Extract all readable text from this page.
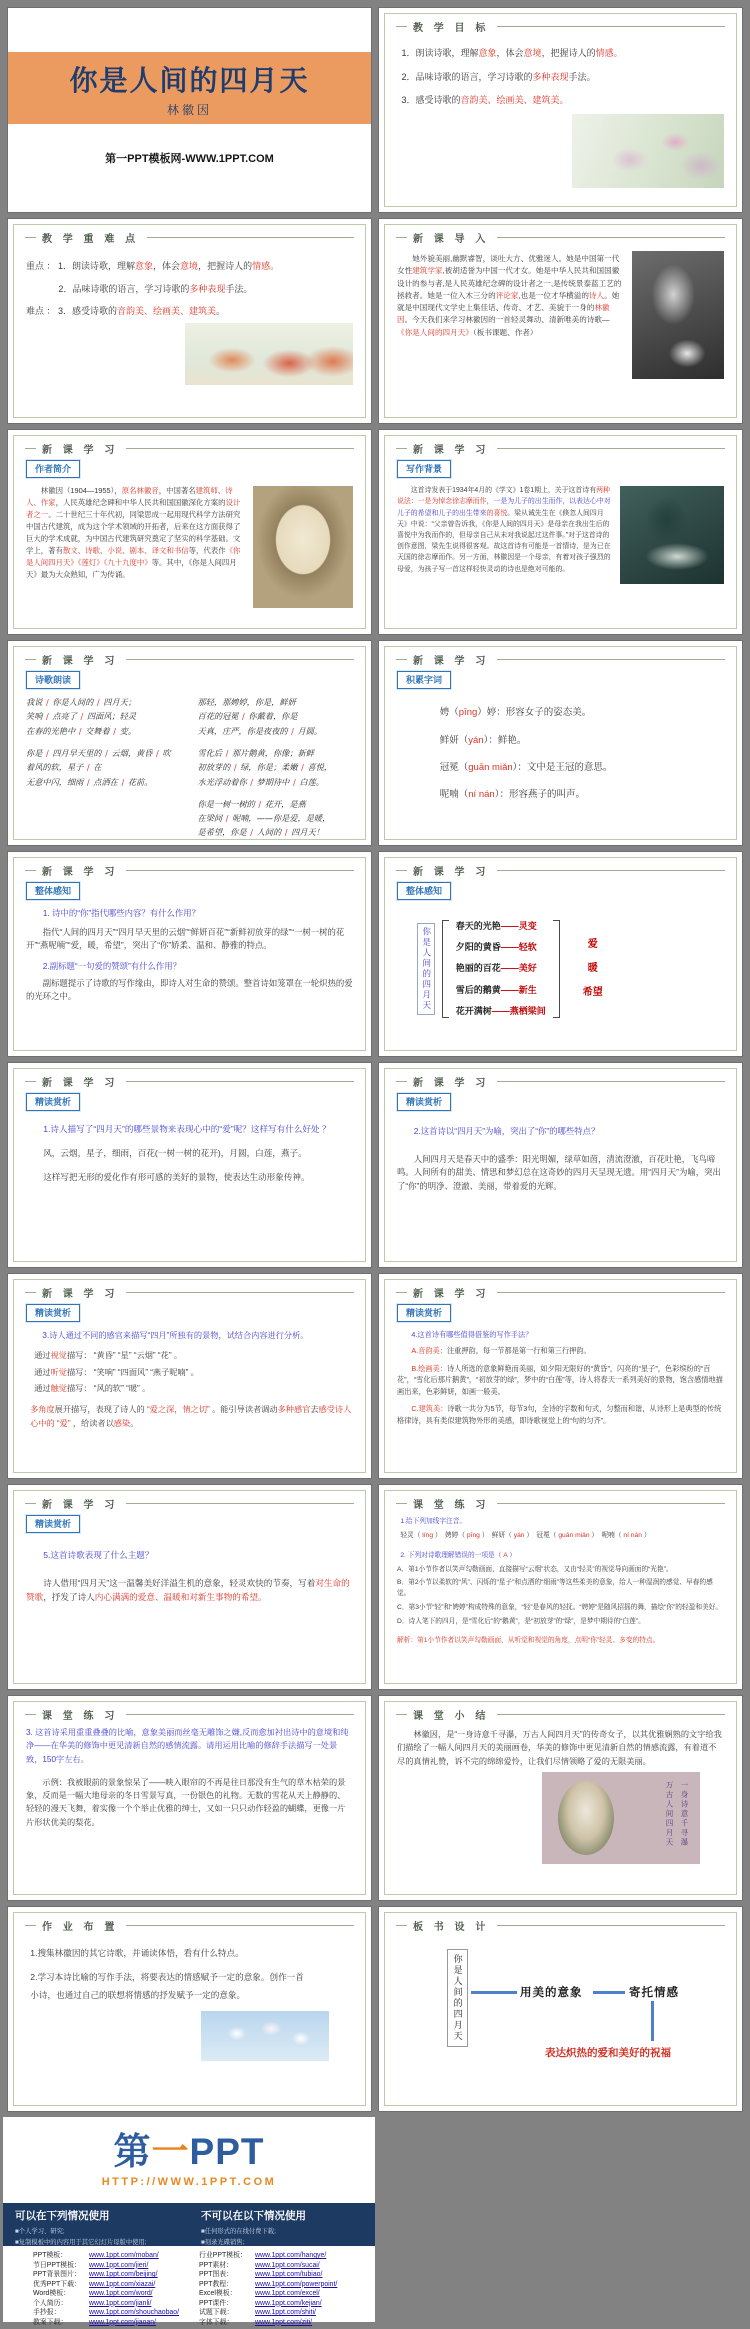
你是人间的四月天
林徽因
第一PPT模板网-WWW.1PPT.COM
教 学 目 标

1．朗读诗歌，理解意象，体会意境，把握诗人的情感。

2．品味诗歌的语言，学习诗歌的多种表现手法。

3．感受诗歌的音韵美、绘画美、建筑美。

教 学 重 难 点

重点 ： 1．朗读诗歌，理解意象，体会意境，把握诗人的情感。

2．品味诗歌的语言，学习诗歌的多种表现手法。

难点 ： 3．感受诗歌的音韵美、绘画美、建筑美。

新 课 导 入

她外貌美丽,幽默睿智，谈吐大方、优雅迷人。她是中国第一代女性建筑学家,被胡适誉为中国一代才女。她是中华人民共和国国徽设计的参与者,是人民英雄纪念碑的设计者之一,是传统景泰蓝工艺的拯救者。她是一位入木三分的评论家,也是一位才华横溢的诗人。她就是中国现代文学史上集佳话、传奇、才艺、美貌于一身的林徽因。今天我们来学习林徽因的一首轻灵舞动、清新唯美的诗歌—《你是人间的四月天》（板书课题、作者）

新 课 学 习
作者简介

林徽因（1904—1955），原名林徽音，中国著名建筑师、诗人、作家，人民英雄纪念碑和中华人民共和国国徽深化方案的设计者之一。二十世纪三十年代初，同梁思成一起用现代科学方法研究中国古代建筑，成为这个学术领域的开拓者，后来在这方面获得了巨大的学术成就，为中国古代建筑研究奠定了坚实的科学基础。文学上，著有散文、诗歌、小说、剧本、译文和书信等，代表作《你是人间四月天》《莲灯》《九十九度中》等。其中，《你是人间四月天》最为大众熟知，广为传诵。

新 课 学 习
写作背景

这首诗发表于1934年4月的《学文》1卷1期上，关于这首诗有两种说法：一是为悼念徐志摩而作，一是为儿子的出生而作，以表达心中对儿子的希望和儿子的出生带来的喜悦。梁从诫先生在《倏忽人间四月天》中说：“父亲曾告诉我，《你是人间的四月天》是母亲在我出生后的喜悦中为我而作的，但母亲自己从未对我说起过这件事。”对于这首诗的创作意图，梁先生说得很客观。故这首诗有可能是一首情诗，是为已在天国的徐志摩而作。另一方面，林徽因是一个母亲，有着对孩子强烈的母爱，为孩子写一首这样轻快灵动的诗也是绝对可能的。

新 课 学 习
诗歌朗读
我说 / 你是人间的 / 四月天；
笑响 / 点亮了 / 四面风；轻灵
在春的光艳中 / 交舞着 / 变。
你是 / 四月早天里的 / 云烟，黄昏 / 吹
着风的软，星子 / 在
无意中闪，细雨 / 点洒在 / 花前。
那轻，那娉婷，你是，鲜妍
百花的冠冕 / 你戴着，你是
天真，庄严，你是夜夜的 / 月圆。
雪化后 / 那片鹅黄，你像；新鲜
初放芽的 / 绿，你是；柔嫩 / 喜悦，
水光浮动着你 / 梦期待中 / 白莲。
你是一树一树的 / 花开，是燕
在梁间 / 呢喃，——你是爱，是暖，
是希望，你是 / 人间的 / 四月天！
新 课 学 习
积累字词

娉（pīng）婷：形容女子的姿态美。

鲜妍（yán）：鲜艳。

冠冕（guān miǎn）：文中是王冠的意思。

呢喃（ní nán）：形容燕子的叫声。

新 课 学 习
整体感知

1. 诗中的“你”指代哪些内容？有什么作用？

指代“人间的四月天”“四月早天里的云烟”“鲜妍百花”“新鲜初放芽的绿”“一树一树的花开”“燕呢喃”“爱，暖，希望”，突出了“你”娇柔、温和、静雅的特点。

2.副标题“一句爱的赞颂”有什么作用？

副标题提示了诗歌的写作缘由，即诗人对生命的赞颂。整首诗如笼罩在一轮炽热的爱的光环之中。

新 课 学 习
整体感知
你是人间的四月天
春天的光艳——灵变
夕阳的黄昏——轻软
艳丽的百花——美好
雪后的鹅黄——新生
花开满树——燕栖梁间
爱
暖
希望
新 课 学 习
精读赏析

1.诗人描写了“四月天”的哪些景物来表现心中的“爱”呢？这样写有什么好处 ？

风，云烟，星子，细雨，百花(一树一树的花开)，月圆，白莲，燕子。

这样写把无形的爱化作有形可感的美好的景物，使表达生动形象传神。

新 课 学 习
精读赏析

2.这首诗以“四月天”为喻，突出了“你”的哪些特点？

人间四月天是春天中的盛季：阳光明媚，绿草如茵，清流澄澈，百花吐艳，飞鸟啼鸣。人间所有的甜美、情思和梦幻总在这奇妙的四月天呈现无遗。用“四月天”为喻，突出了“你”的明净、澄澈、美丽，带着爱的光辉。

新 课 学 习
精读赏析

3.诗人通过不同的感官来描写“四月”所独有的景物，试结合内容进行分析。

通过视觉描写： “黄昏” “星” “云烟” “花” 。

通过听觉描写： “笑响” “四面风” “燕子呢喃” 。

通过触觉描写： “风的软” “暖” 。

多角度展开描写，表现了诗人的 “爱之深，情之切” 。能引导读者调动多种感官去感受诗人心中的 “爱” ，给读者以感染。

新 课 学 习
精读赏析

4.这首诗有哪些值得借鉴的写作手法？

A.音韵美：注重押韵，每一节都是第一行和第三行押韵。

B.绘画美：诗人所选的意象鲜艳而美丽，如夕阳无限好的“黄昏”，闪亮的“星子”，色彩缤纷的“百花”，“雪化后那片鹅黄”，“初放芽的绿”，梦中的“白莲”等，诗人将春天一系列美好的景物，饱含感情地描画出来，色彩鲜妍，如画一般美。

C.建筑美：诗歌一共分为5节，每节3句，全诗的字数和句式，匀整而和谐，从诗形上是典型的传统格律诗，具有类似建筑物外形的美感，即诗歌视觉上的“句的匀齐”。

新 课 学 习
精读赏析

5.这首诗歌表现了什么主题？

诗人借用“四月天”这一温馨美好洋溢生机的意象，轻灵欢快的节奏，写着对生命的赞歌，抒发了诗人内心满满的爱意、温暖和对新生事物的希望。

课 堂 练 习

1.给下列加线字注音。

轻灵（ líng ）　娉婷（ pīng ）　鲜妍（ yán ）　冠冕（ guān miǎn ）　呢喃（ ní nán ）

2. 下列对诗歌理解错误的一项是（ A ）

A．第1小节作者以笑声勾勒画面，直接描写“云烟”状态，又由“轻灵”的视觉导向画面的“光艳”。

B．第2小节以柔软的“风”、闪烁的“星子”和点洒的“细雨”等这些柔美的意象，给人一种湿润的感觉、早春的感觉。

C．第3小节“轻”和“娉婷”构成特殊的意象，“轻”是春风的轻抚。“娉婷”是随风招摇的舞，描绘“你”的轻盈和美好。

D．诗人笔下的四月，是“雪化后”的“鹅黄”，是“初放芽”的“绿”，是梦中期待的“白莲”。

解析：第1小节作者以笑声勾勒画面，从听觉和视觉的角度，点明“你”轻灵、多变的特点。

课 堂 练 习

3. 这首诗采用重重叠叠的比喻，意象美丽而丝毫无雕饰之嫌,反而愈加衬出诗中的意境和纯净——在华美的修饰中更见清新自然的感情流露。请用运用比喻的修辞手法描写一处景致，150字左右。

示例：我被眼前的景象惊呆了——映入眼帘的不再是往日那没有生气的草木枯荣的景象，反而是一幅大地母亲的冬日雪景写真，一份银色的礼物。无数的雪花从天上静静的、轻轻的漫天飞舞，着实像一个个举止优雅的绅士，又如一只只动作轻盈的蝴蝶，更像一片片形状优美的梨花。

课 堂 小 结

林徽因，是“一身诗意千寻瀑，万古人间四月天”的传奇女子，以其优雅娴熟的文字给我们描绘了一幅人间四月天的美丽画卷，华美的修饰中更见清新自然的情感流露，有着道不尽的真情礼赞，诉不完的绵绵爱怜，让我们尽情领略了爱的无限美丽。

一身诗意千寻瀑
万古人间四月天
作 业 布 置

1.搜集林徽因的其它诗歌，并诵读体悟，看有什么特点。

2.学习本诗比喻的写作手法，将要表达的情感赋予一定的意象。创作一首

小诗，也通过自己的联想将情感的抒发赋予一定的意象。

板 书 设 计
你是人间的四月天	用美的意象	寄托情感
表达炽热的爱和美好的祝福
第一PPT
HTTP://WWW.1PPT.COM
可以在下列情况使用
■个人学习、研究;
■复制模板中的内容用于其它幻灯片母版中使用;
不可以在以下情况使用
■任何形式的在线付费下载;
■刻录光碟销售;
PPT模板：	www.1ppt.com/moban/
节日PPT模板：	www.1ppt.com/jieri/
PPT背景图片：	www.1ppt.com/beijing/
优秀PPT下载：	www.1ppt.com/xiazai/
Word模板：	www.1ppt.com/word/
个人简历：	www.1ppt.com/jianli/
手抄报：	www.1ppt.com/shouchaobao/
教案下载：	www.1ppt.com/jiaoan/
行业PPT模板：	www.1ppt.com/hangye/
PPT素材：	www.1ppt.com/sucai/
PPT图表：	www.1ppt.com/tubiao/
PPT教程：	www.1ppt.com/powerpoint/
Excel模板：	www.1ppt.com/excel/
PPT课件：	www.1ppt.com/kejian/
试题下载：	www.1ppt.com/shiti/
字体下载：	www.1ppt.com/ziti/
